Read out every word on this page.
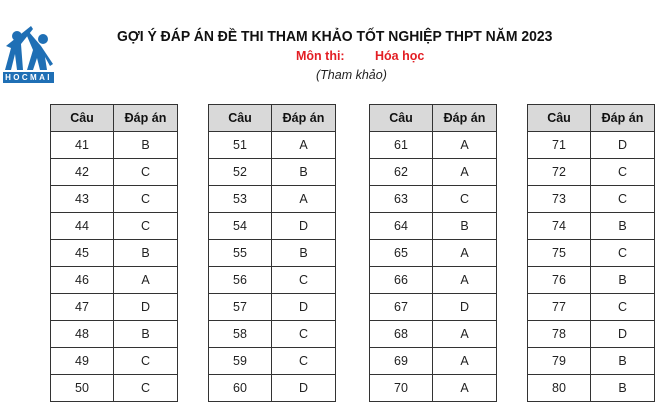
HOCMAI
GỢI Ý ĐÁP ÁN ĐỀ THI THAM KHẢO TỐT NGHIỆP THPT NĂM 2023
Môn thi: Hóa học
(Tham khảo)
Câu	Đáp án
41	B
42	C
43	C
44	C
45	B
46	A
47	D
48	B
49	C
50	C
Câu	Đáp án
51	A
52	B
53	A
54	D
55	B
56	C
57	D
58	C
59	C
60	D
Câu	Đáp án
61	A
62	A
63	C
64	B
65	A
66	A
67	D
68	A
69	A
70	A
Câu	Đáp án
71	D
72	C
73	C
74	B
75	C
76	B
77	C
78	D
79	B
80	B
